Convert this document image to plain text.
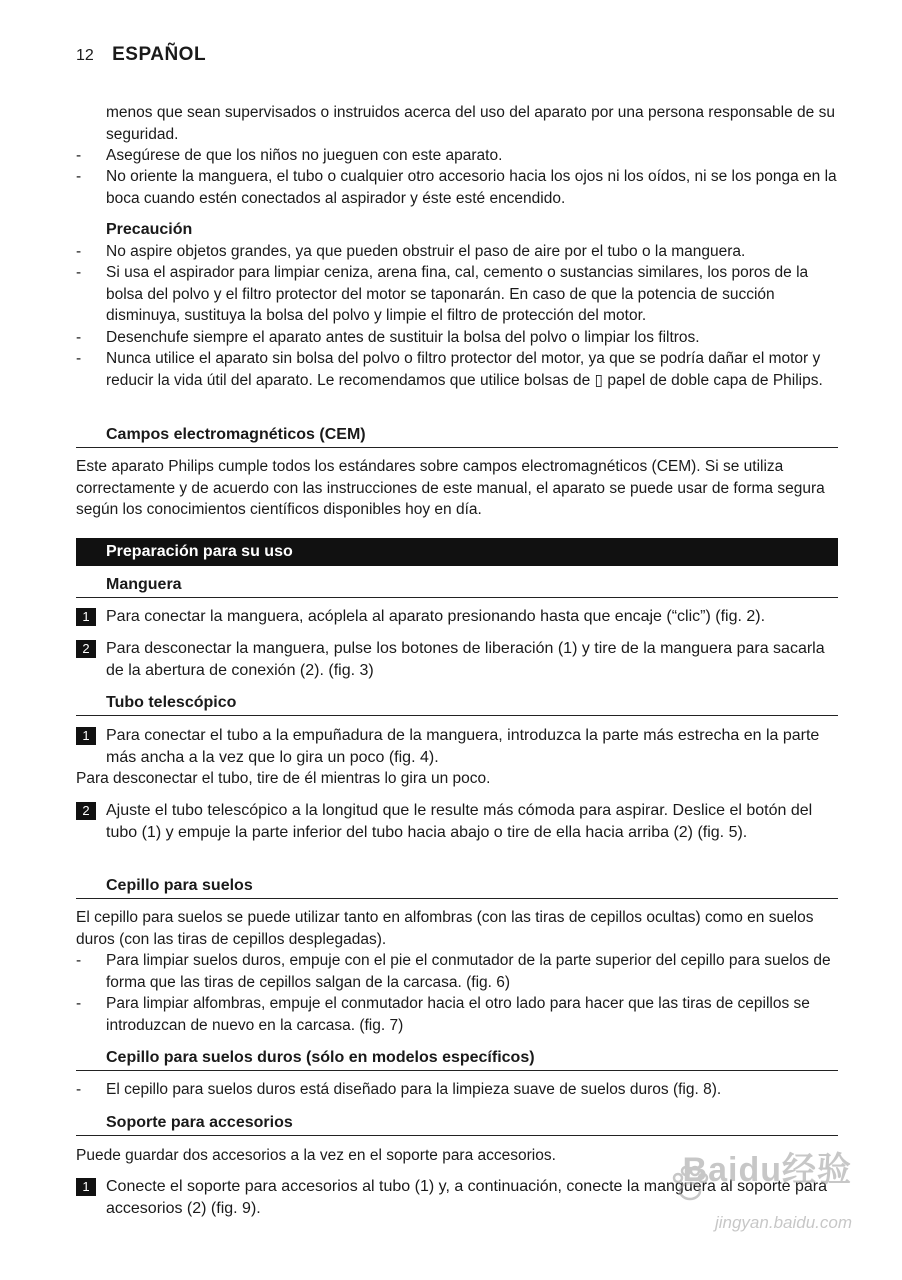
12 ESPAÑOL
menos que sean supervisados o instruidos acerca del uso del aparato por una persona responsable de su seguridad.
- Asegúrese de que los niños no jueguen con este aparato.
- No oriente la manguera, el tubo o cualquier otro accesorio hacia los ojos ni los oídos, ni se los ponga en la boca cuando estén conectados al aspirador y éste esté encendido.
Precaución
- No aspire objetos grandes, ya que pueden obstruir el paso de aire por el tubo o la manguera.
- Si usa el aspirador para limpiar ceniza, arena fina, cal, cemento o sustancias similares, los poros de la bolsa del polvo y el filtro protector del motor se taponarán. En caso de que la potencia de succión disminuya, sustituya la bolsa del polvo y limpie el filtro de protección del motor.
- Desenchufe siempre el aparato antes de sustituir la bolsa del polvo o limpiar los filtros.
- Nunca utilice el aparato sin bolsa del polvo o filtro protector del motor, ya que se podría dañar el motor y reducir la vida útil del aparato. Le recomendamos que utilice bolsas de ▯ papel de doble capa de Philips.
Campos electromagnéticos (CEM)
Este aparato Philips cumple todos los estándares sobre campos electromagnéticos (CEM). Si se utiliza correctamente y de acuerdo con las instrucciones de este manual, el aparato se puede usar de forma segura según los conocimientos científicos disponibles hoy en día.
Preparación para su uso
Manguera
1	Para conectar la manguera, acóplela al aparato presionando hasta que encaje (“clic”) (fig. 2).
2	Para desconectar la manguera, pulse los botones de liberación (1) y tire de la manguera para sacarla de la abertura de conexión (2). (fig. 3)
Tubo telescópico
1	Para conectar el tubo a la empuñadura de la manguera, introduzca la parte más estrecha en la parte más ancha a la vez que lo gira un poco (fig. 4).
Para desconectar el tubo, tire de él mientras lo gira un poco.
2	Ajuste el tubo telescópico a la longitud que le resulte más cómoda para aspirar. Deslice el botón del tubo (1) y empuje la parte inferior del tubo hacia abajo o tire de ella hacia arriba (2) (fig. 5).
Cepillo para suelos
El cepillo para suelos se puede utilizar tanto en alfombras (con las tiras de cepillos ocultas) como en suelos duros (con las tiras de cepillos desplegadas).
- Para limpiar suelos duros, empuje con el pie el conmutador de la parte superior del cepillo para suelos de forma que las tiras de cepillos salgan de la carcasa. (fig. 6)
- Para limpiar alfombras, empuje el conmutador hacia el otro lado para hacer que las tiras de cepillos se introduzcan de nuevo en la carcasa. (fig. 7)
Cepillo para suelos duros (sólo en modelos específicos)
- El cepillo para suelos duros está diseñado para la limpieza suave de suelos duros (fig. 8).
Soporte para accesorios
Puede guardar dos accesorios a la vez en el soporte para accesorios.
1	Conecte el soporte para accesorios al tubo (1) y, a continuación, conecte la manguera al soporte para accesorios (2) (fig. 9).
Baidu经验
jingyan.baidu.com
